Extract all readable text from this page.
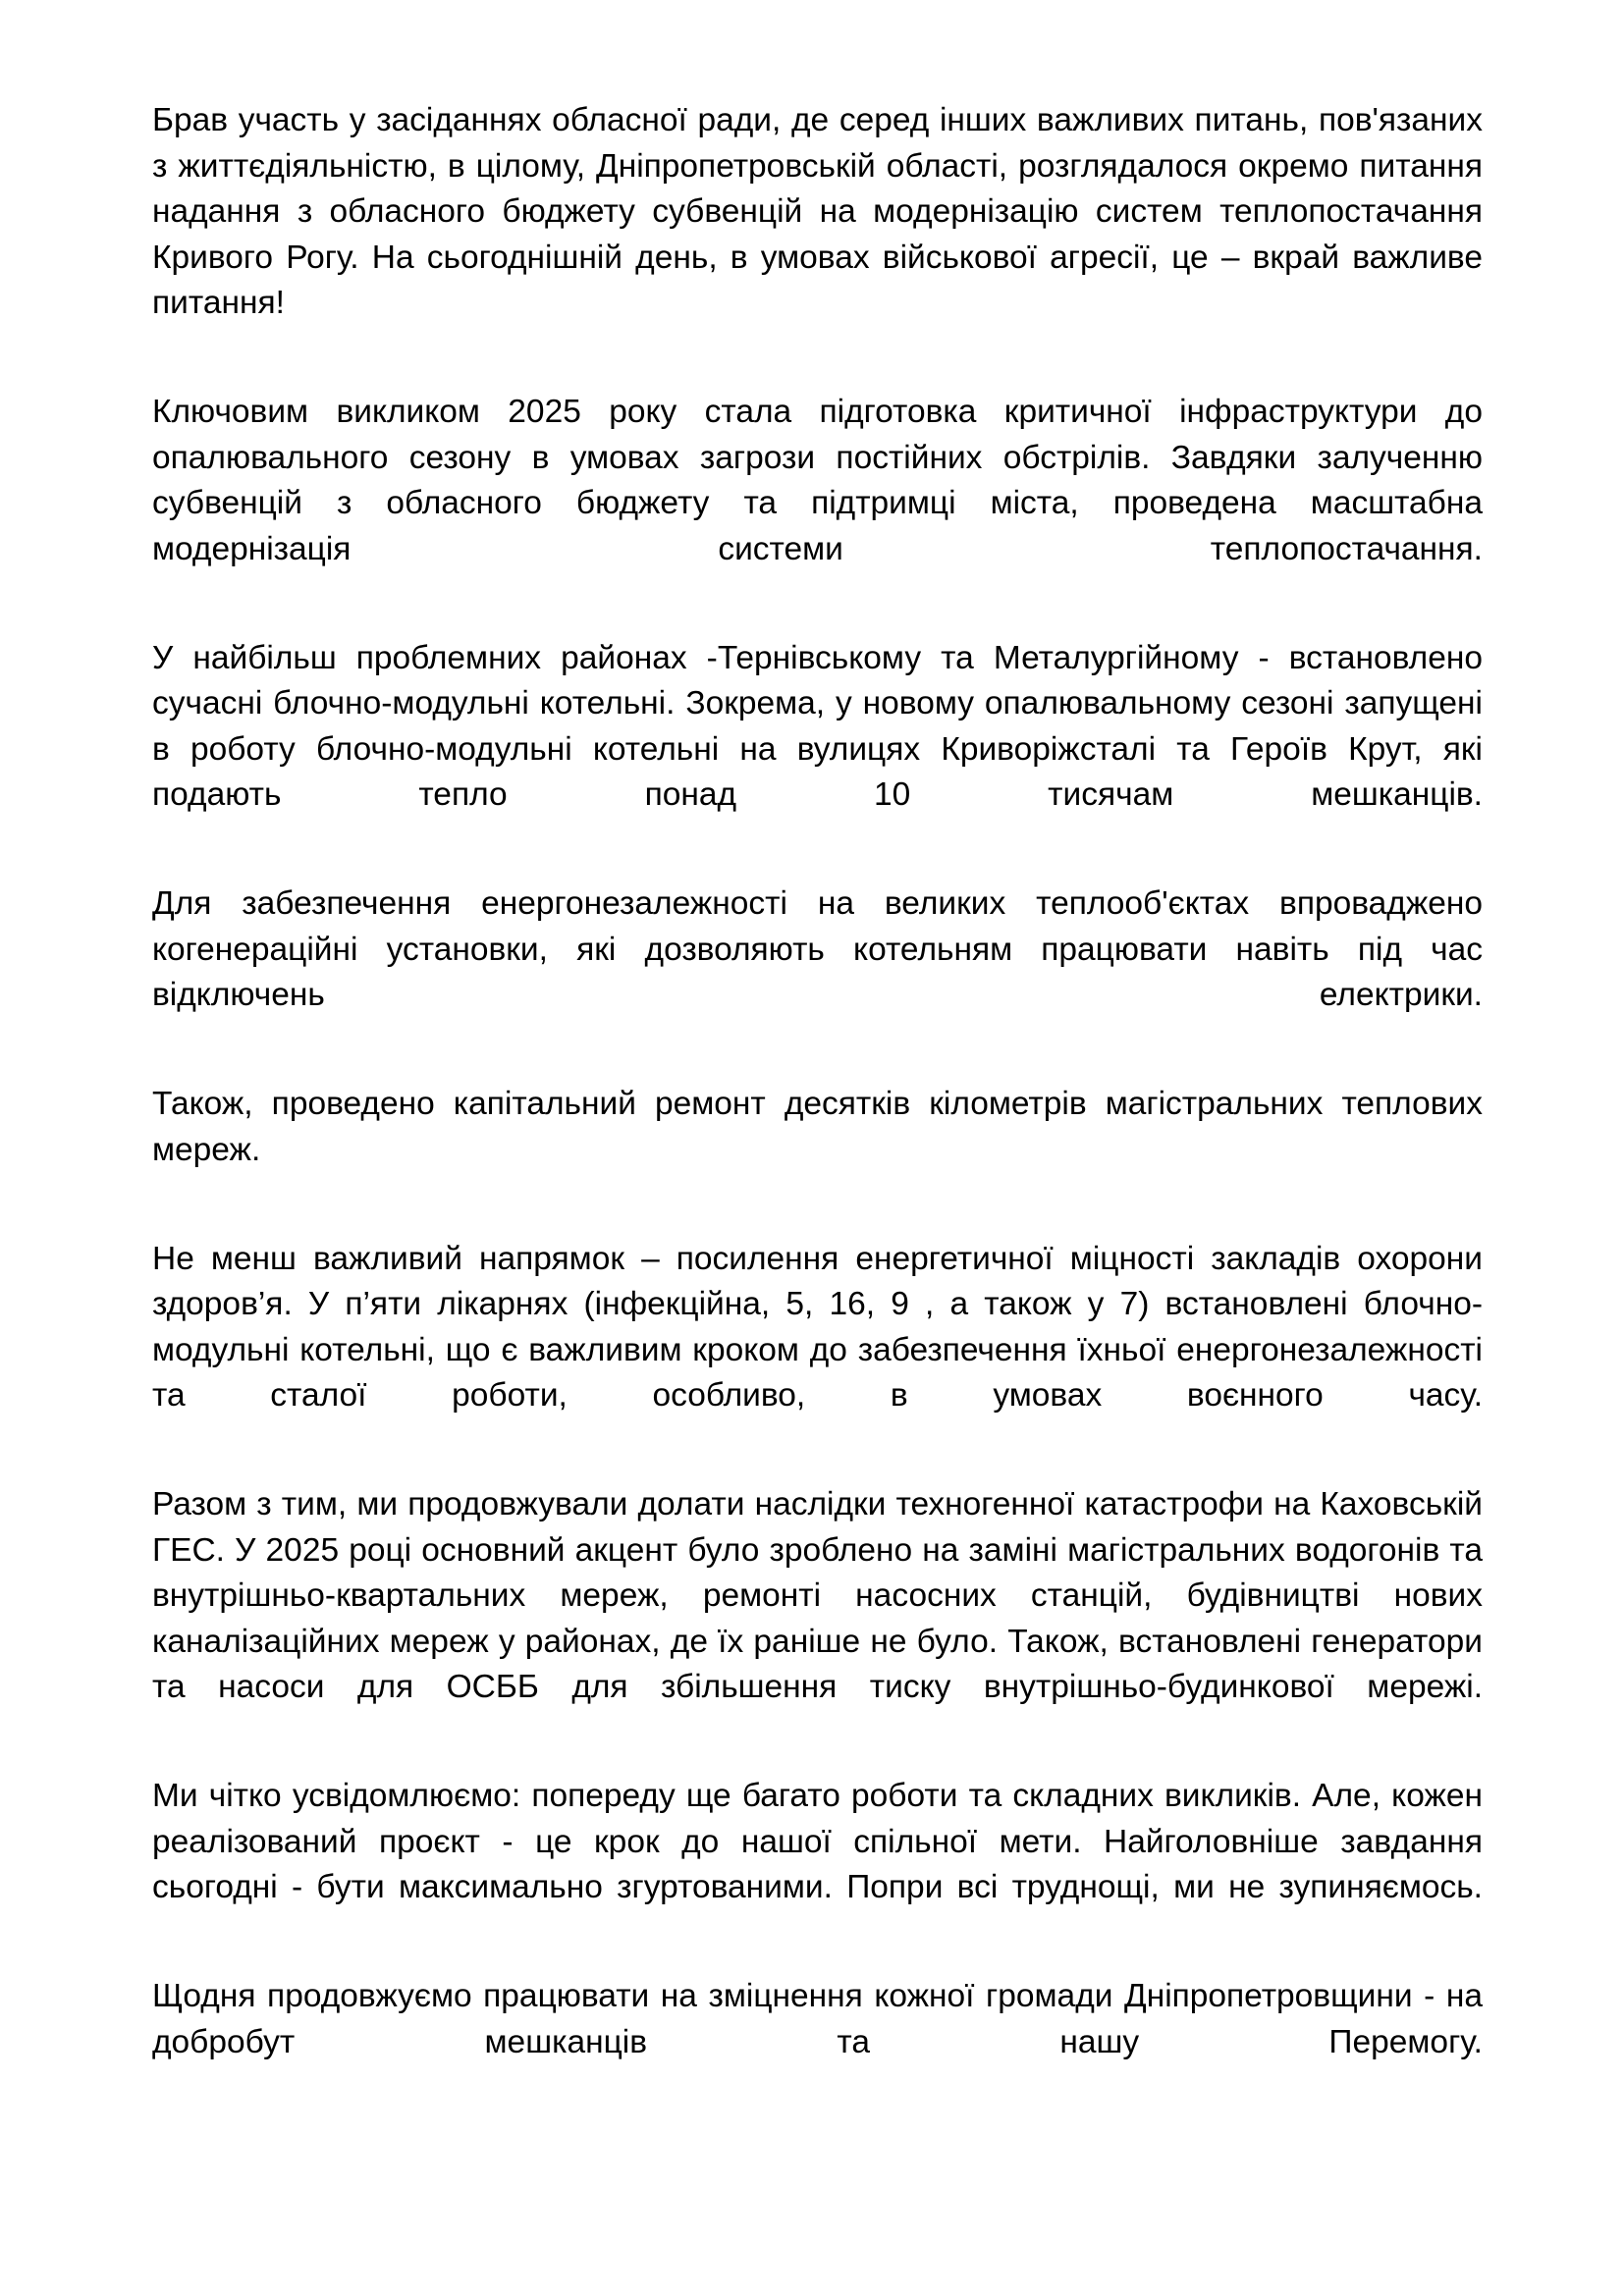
Брав участь у засіданнях обласної ради, де серед інших важливих питань, пов'язаних з життєдіяльністю, в цілому, Дніпропетровській області, розглядалося окремо питання надання з обласного бюджету субвенцій на модернізацію систем теплопостачання Кривого Рогу. На сьогоднішній день, в умовах військової агресії, це – вкрай важливе питання!

Ключовим викликом 2025 року стала підготовка критичної інфраструктури до опалювального сезону в умовах загрози постійних обстрілів. Завдяки залученню субвенцій з обласного бюджету та підтримці міста, проведена масштабна модернізація системи теплопостачання.

У найбільш проблемних районах -Тернівському та Металургійному - встановлено сучасні блочно-модульні котельні. Зокрема, у новому опалювальному сезоні запущені в роботу блочно-модульні котельні на вулицях Криворіжсталі та Героїв Крут, які подають тепло понад 10 тисячам мешканців.

Для забезпечення енергонезалежності на великих теплооб'єктах впроваджено когенераційні установки, які дозволяють котельням працювати навіть під час відключень електрики.

Також, проведено капітальний ремонт десятків кілометрів магістральних теплових мереж.

Не менш важливий напрямок – посилення енергетичної міцності закладів охорони здоров’я. У п’яти лікарнях (інфекційна, 5, 16, 9 , а також у 7) встановлені блочно-модульні котельні, що є важливим кроком до забезпечення їхньої енергонезалежності та сталої роботи, особливо, в умовах воєнного часу.

Разом з тим, ми продовжували долати наслідки техногенної катастрофи на Каховській ГЕС. У 2025 році основний акцент було зроблено на заміні магістральних водогонів та внутрішньо-квартальних мереж, ремонті насосних станцій, будівництві нових каналізаційних мереж у районах, де їх раніше не було. Також, встановлені генератори та насоси для ОСББ для збільшення тиску внутрішньо-будинкової мережі.

Ми чітко усвідомлюємо: попереду ще багато роботи та складних викликів. Але, кожен реалізований проєкт - це крок до нашої спільної мети. Найголовніше завдання сьогодні - бути максимально згуртованими. Попри всі труднощі, ми не зупиняємось.

Щодня продовжуємо працювати на зміцнення кожної громади Дніпропетровщини - на добробут мешканців та нашу Перемогу.
